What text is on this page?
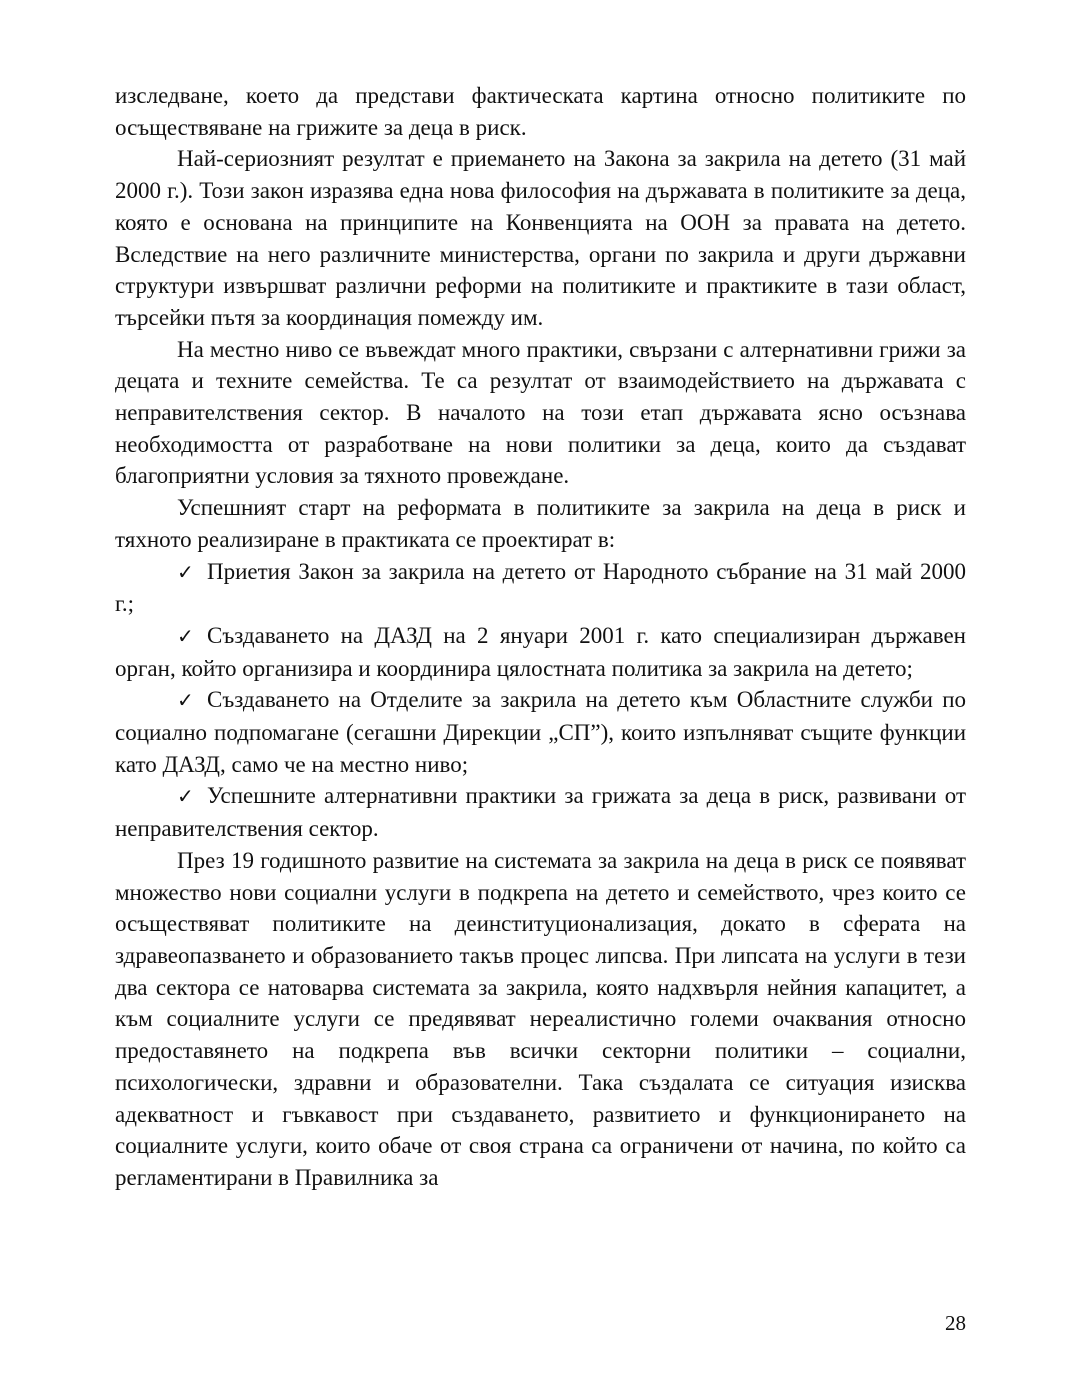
изследване, което да представи фактическата картина относно политиките по осъществяване на грижите за деца в риск.

Най-сериозният резултат е приемането на Закона за закрила на детето (31 май 2000 г.). Този закон изразява една нова философия на държавата в политиките за деца, която е основана на принципите на Конвенцията на ООН за правата на детето. Вследствие на него различните министерства, органи по закрила и други държавни структури извършват различни реформи на политиките и практиките в тази област, търсейки пътя за координация помежду им.

На местно ниво се въвеждат много практики, свързани с алтернативни грижи за децата и техните семейства. Те са резултат от взаимодействието на държавата с неправителствения сектор. В началото на този етап държавата ясно осъзнава необходимостта от разработване на нови политики за деца, които да създават благоприятни условия за тяхното провеждане.

Успешният старт на реформата в политиките за закрила на деца в риск и тяхното реализиране в практиката се проектират в:

✓ Приетия Закон за закрила на детето от Народното събрание на 31 май 2000 г.;

✓ Създаването на ДАЗД на 2 януари 2001 г. като специализиран държавен орган, който организира и координира цялостната политика за закрила на детето;

✓ Създаването на Отделите за закрила на детето към Областните служби по социално подпомагане (сегашни Дирекции „СП”), които изпълняват същите функции като ДАЗД, само че на местно ниво;

✓ Успешните алтернативни практики за грижата за деца в риск, развивани от неправителствения сектор.

През 19 годишното развитие на системата за закрила на деца в риск се появяват множество нови социални услуги в подкрепа на детето и семейството, чрез които се осъществяват политиките на деинституционализация, докато в сферата на здравеопазването и образованието такъв процес липсва. При липсата на услуги в тези два сектора се натоварва системата за закрила, която надхвърля нейния капацитет, а към социалните услуги се предявяват нереалистично големи очаквания относно предоставянето на подкрепа във всички секторни политики – социални, психологически, здравни и образователни. Така създалата се ситуация изисква адекватност и гъвкавост при създаването, развитието и функционирането на социалните услуги, които обаче от своя страна са ограничени от начина, по който са регламентирани в Правилника за

28
